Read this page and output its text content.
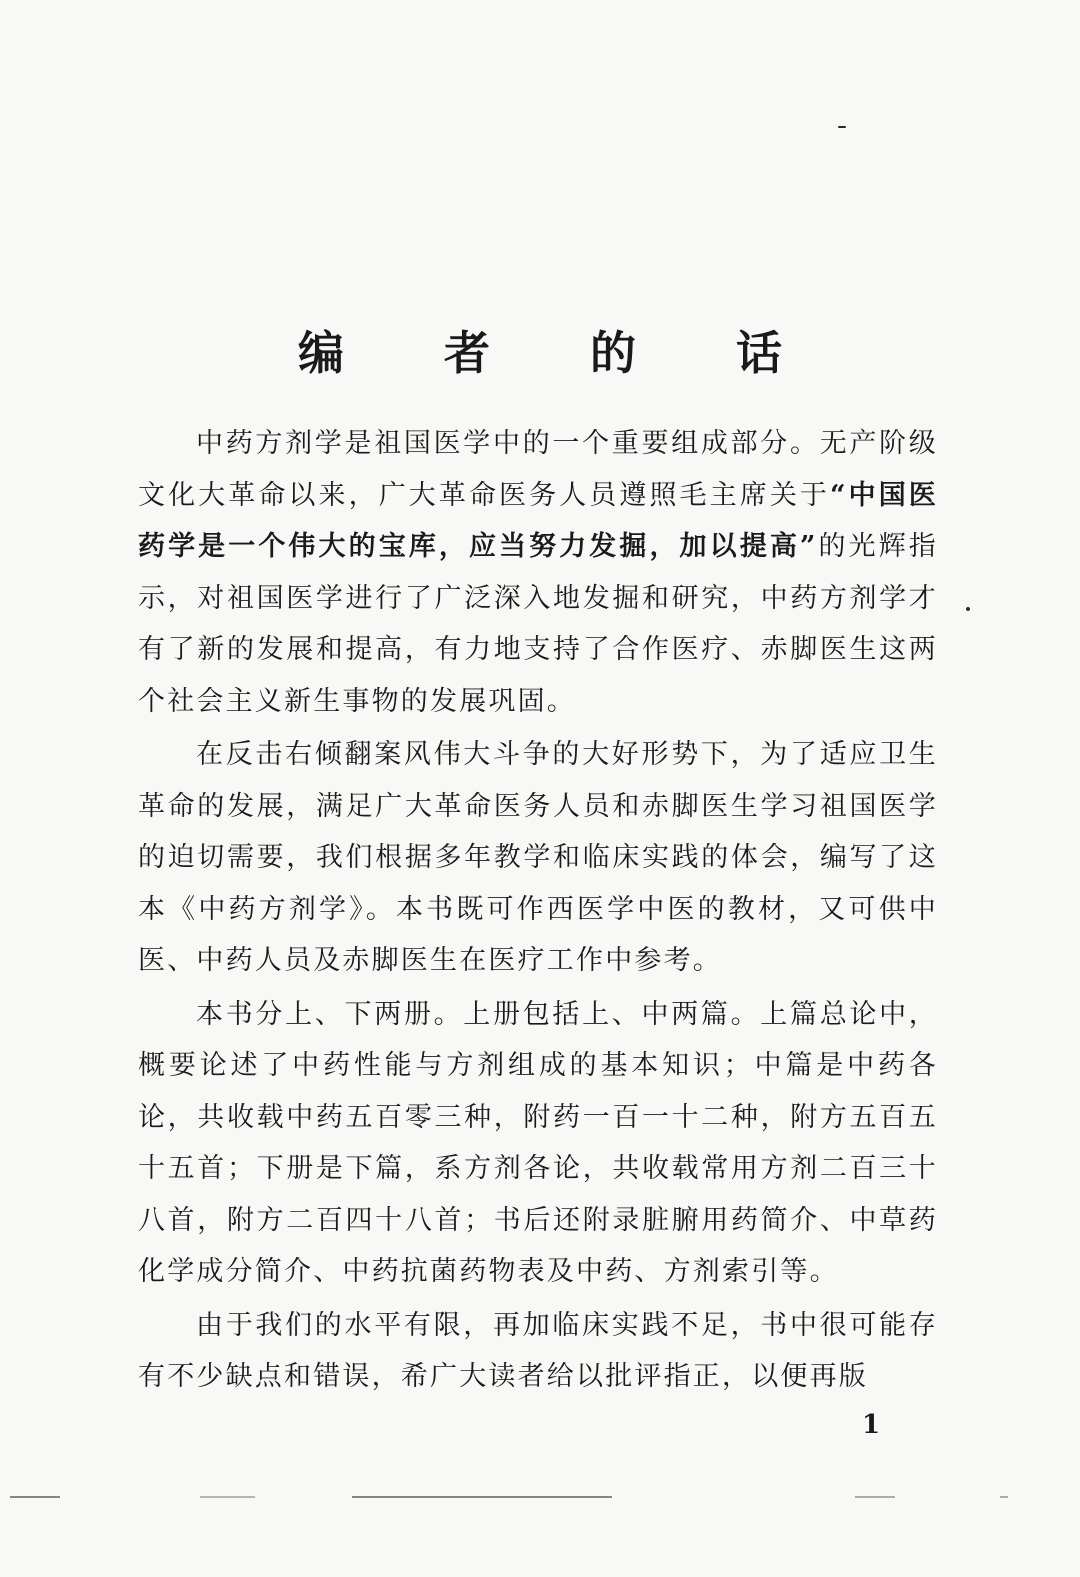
编 者 的 话

中药方剂学是祖国医学中的一个重要组成部分。无产阶级文化大革命以来，广大革命医务人员遵照毛主席关于“中国医药学是一个伟大的宝库，应当努力发掘，加以提高”的光辉指示，对祖国医学进行了广泛深入地发掘和研究，中药方剂学才有了新的发展和提高，有力地支持了合作医疗、赤脚医生这两个社会主义新生事物的发展巩固。

在反击右倾翻案风伟大斗争的大好形势下，为了适应卫生革命的发展，满足广大革命医务人员和赤脚医生学习祖国医学的迫切需要，我们根据多年教学和临床实践的体会，编写了这本《中药方剂学》。本书既可作西医学中医的教材，又可供中医、中药人员及赤脚医生在医疗工作中参考。

本书分上、下两册。上册包括上、中两篇。上篇总论中，概要论述了中药性能与方剂组成的基本知识；中篇是中药各论，共收载中药五百零三种，附药一百一十二种，附方五百五十五首；下册是下篇，系方剂各论，共收载常用方剂二百三十八首，附方二百四十八首；书后还附录脏腑用药简介、中草药化学成分简介、中药抗菌药物表及中药、方剂索引等。

由于我们的水平有限，再加临床实践不足，书中很可能存有不少缺点和错误，希广大读者给以批评指正，以便再版

1
